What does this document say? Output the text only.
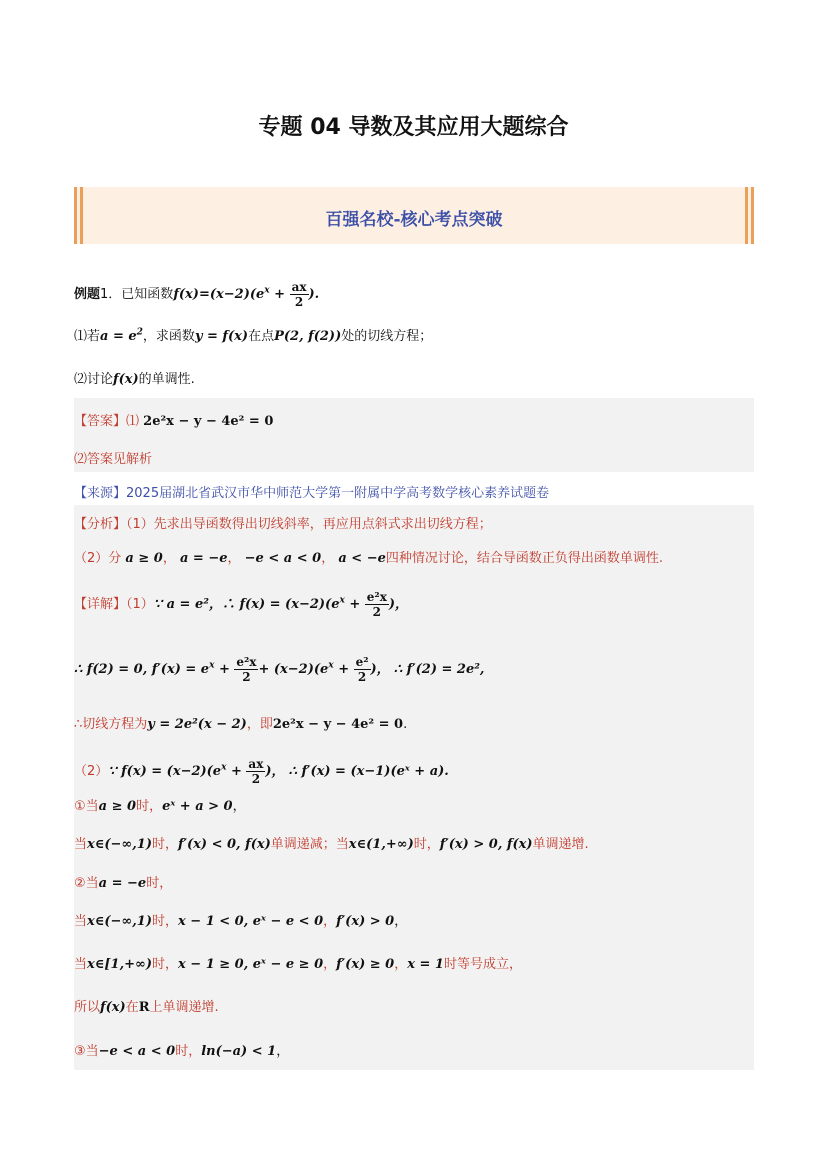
专题 04 导数及其应用大题综合
百强名校-核心考点突破
例题1．已知函数$f(x)=(x-2)(e^x + \frac{ax}{2}$ ).
⑴若$a = e^2$，求函数y = f(x)在点P(2, f(2))处的切线方程；
⑵讨论f(x)的单调性.
【答案】⑴ 2e²x − y − 4e² = 0
⑵答案见解析
【来源】2025届湖北省武汉市华中师范大学第一附属中学高考数学核心素养试题卷
【分析】（1）先求出导函数得出切线斜率，再应用点斜式求出切线方程；
（2）分 a ≥ 0， a = −e， −e < a < 0， a < −e四种情况讨论，结合导函数正负得出函数单调性.
【详解】（1）∵ a = e²，∴ $f(x) = (x-2)(e^x + \frac{\text{e²x}}{2}$ )，
∴ f(2) = 0, $f'(x) = e^x + \frac{\text{e²x}}{2} + (x-2)(e^x + \frac{\text{e²}}{2}$ )， ∴ f′(2) = 2e²,
∴切线方程为y = 2e²(x − 2)，即2e²x − y − 4e² = 0.
（2）∵ $f(x) = (x-2)(e^x + \frac{ax}{2}$ )， ∴ f′(x) = (x−1)(eˣ + a).
①当a ≥ 0时，eˣ + a > 0，
当x∈(−∞,1)时，f′(x) < 0, f(x)单调递减；当x∈(1,+∞)时，f′(x) > 0, f(x)单调递增.
②当a = −e时，
当x∈(−∞,1)时，x − 1 < 0, eˣ − e < 0，f′(x) > 0，
当x∈[1,+∞)时，x − 1 ≥ 0, eˣ − e ≥ 0，f′(x) ≥ 0，x = 1时等号成立，
所以f(x)在R上单调递增.
③当−e < a < 0时，ln(−a) < 1，
